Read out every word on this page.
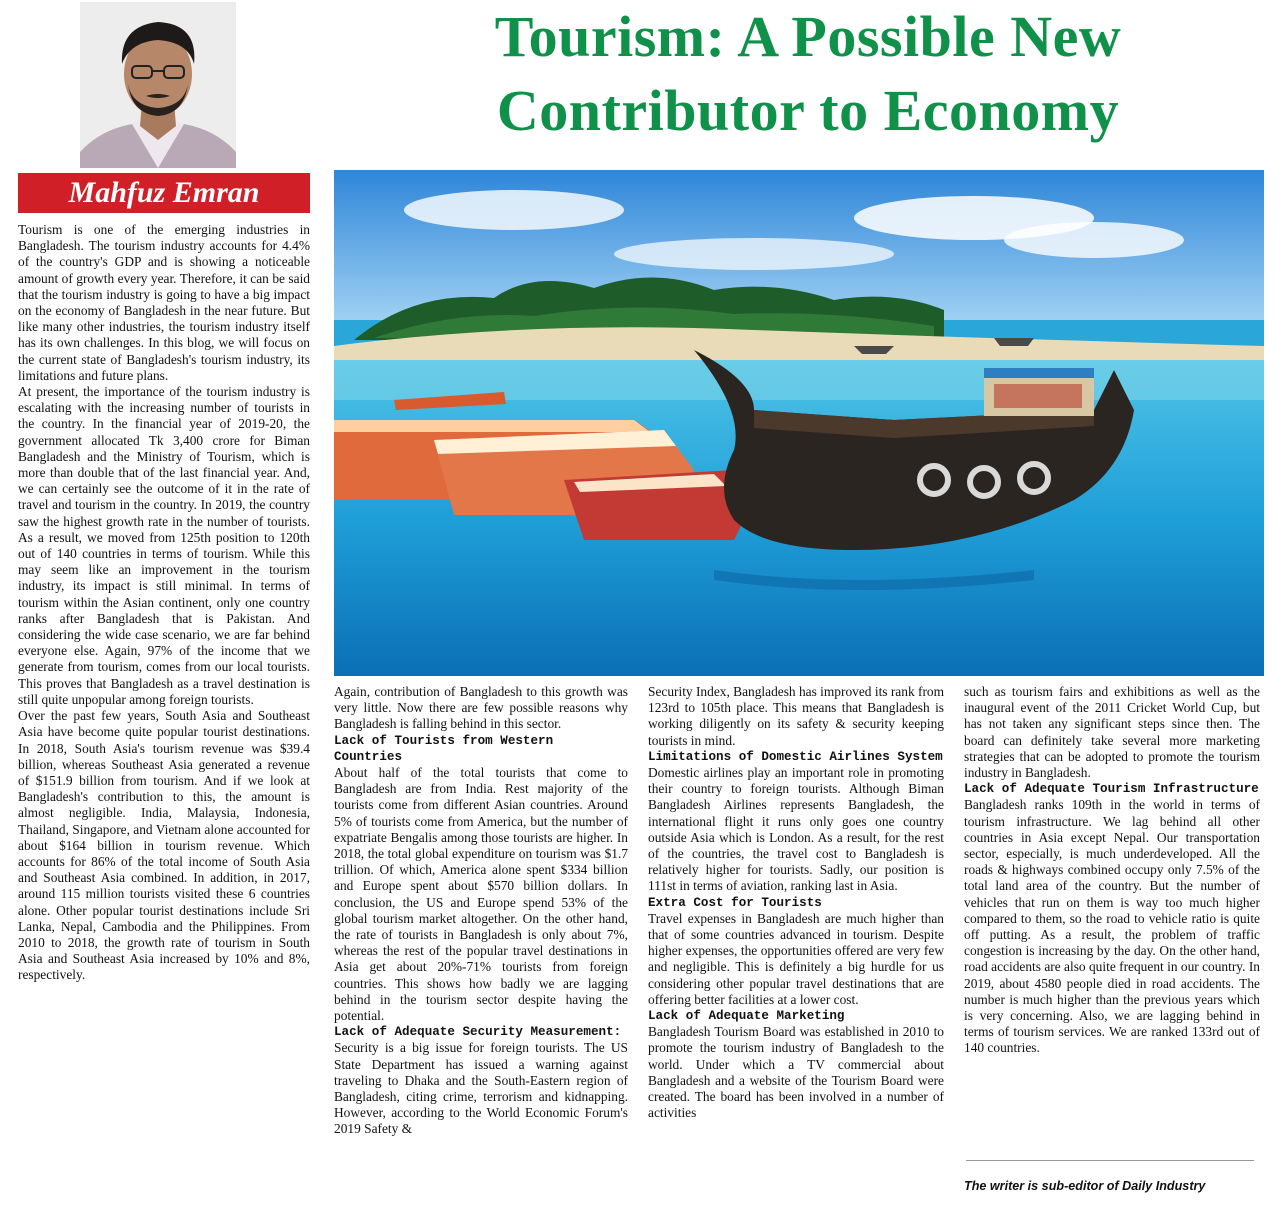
Tourism: A Possible New
Contributor to Economy
Mahfuz Emran

Tourism is one of the emerging industries in Bangladesh. The tourism industry accounts for 4.4% of the country's GDP and is showing a noticeable amount of growth every year. Therefore, it can be said that the tourism industry is going to have a big impact on the economy of Bangladesh in the near future. But like many other industries, the tourism industry itself has its own challenges. In this blog, we will focus on the current state of Bangladesh's tourism industry, its limitations and future plans.

At present, the importance of the tourism industry is escalating with the increasing number of tourists in the country. In the financial year of 2019-20, the government allocated Tk 3,400 crore for Biman Bangladesh and the Ministry of Tourism, which is more than double that of the last financial year. And, we can certainly see the outcome of it in the rate of travel and tourism in the country. In 2019, the country saw the highest growth rate in the number of tourists. As a result, we moved from 125th position to 120th out of 140 countries in terms of tourism. While this may seem like an improvement in the tourism industry, its impact is still minimal. In terms of tourism within the Asian continent, only one country ranks after Bangladesh that is Pakistan. And considering the wide case scenario, we are far behind everyone else. Again, 97% of the income that we generate from tourism, comes from our local tourists. This proves that Bangladesh as a travel destination is still quite unpopular among foreign tourists.

Over the past few years, South Asia and Southeast Asia have become quite popular tourist destinations. In 2018, South Asia's tourism revenue was $39.4 billion, whereas Southeast Asia generated a revenue of $151.9 billion from tourism. And if we look at Bangladesh's contribution to this, the amount is almost negligible. India, Malaysia, Indonesia, Thailand, Singapore, and Vietnam alone accounted for about $164 billion in tourism revenue. Which accounts for 86% of the total income of South Asia and Southeast Asia combined. In addition, in 2017, around 115 million tourists visited these 6 countries alone. Other popular tourist destinations include Sri Lanka, Nepal, Cambodia and the Philippines. From 2010 to 2018, the growth rate of tourism in South Asia and Southeast Asia increased by 10% and 8%, respectively.

Again, contribution of Bangladesh to this growth was very little. Now there are few possible reasons why Bangladesh is falling behind in this sector.

Lack of Tourists from Western Countries

About half of the total tourists that come to Bangladesh are from India. Rest majority of the tourists come from different Asian countries. Around 5% of tourists come from America, but the number of expatriate Bengalis among those tourists are higher. In 2018, the total global expenditure on tourism was $1.7 trillion. Of which, America alone spent $334 billion and Europe spent about $570 billion dollars. In conclusion, the US and Europe spend 53% of the global tourism market altogether. On the other hand, the rate of tourists in Bangladesh is only about 7%, whereas the rest of the popular travel destinations in Asia get about 20%-71% tourists from foreign countries. This shows how badly we are lagging behind in the tourism sector despite having the potential.

Lack of Adequate Security Measurement:

Security is a big issue for foreign tourists. The US State Department has issued a warning against traveling to Dhaka and the South-Eastern region of Bangladesh, citing crime, terrorism and kidnapping. However, according to the World Economic Forum's 2019 Safety &

Security Index, Bangladesh has improved its rank from 123rd to 105th place. This means that Bangladesh is working diligently on its safety & security keeping tourists in mind.

Limitations of Domestic Airlines System

Domestic airlines play an important role in promoting their country to foreign tourists. Although Biman Bangladesh Airlines represents Bangladesh, the international flight it runs only goes one country outside Asia which is London. As a result, for the rest of the countries, the travel cost to Bangladesh is relatively higher for tourists. Sadly, our position is 111st in terms of aviation, ranking last in Asia.

Extra Cost for Tourists

Travel expenses in Bangladesh are much higher than that of some countries advanced in tourism. Despite higher expenses, the opportunities offered are very few and negligible. This is definitely a big hurdle for us considering other popular travel destinations that are offering better facilities at a lower cost.

Lack of Adequate Marketing

Bangladesh Tourism Board was established in 2010 to promote the tourism industry of Bangladesh to the world. Under which a TV commercial about Bangladesh and a website of the Tourism Board were created. The board has been involved in a number of activities

such as tourism fairs and exhibitions as well as the inaugural event of the 2011 Cricket World Cup, but has not taken any significant steps since then. The board can definitely take several more marketing strategies that can be adopted to promote the tourism industry in Bangladesh.

Lack of Adequate Tourism Infrastructure

Bangladesh ranks 109th in the world in terms of tourism infrastructure. We lag behind all other countries in Asia except Nepal. Our transportation sector, especially, is much underdeveloped. All the roads & highways combined occupy only 7.5% of the total land area of the country. But the number of vehicles that run on them is way too much higher compared to them, so the road to vehicle ratio is quite off putting. As a result, the problem of traffic congestion is increasing by the day. On the other hand, road accidents are also quite frequent in our country. In 2019, about 4580 people died in road accidents. The number is much higher than the previous years which is very concerning. Also, we are lagging behind in terms of tourism services. We are ranked 133rd out of 140 countries.

The writer is sub-editor of Daily Industry
